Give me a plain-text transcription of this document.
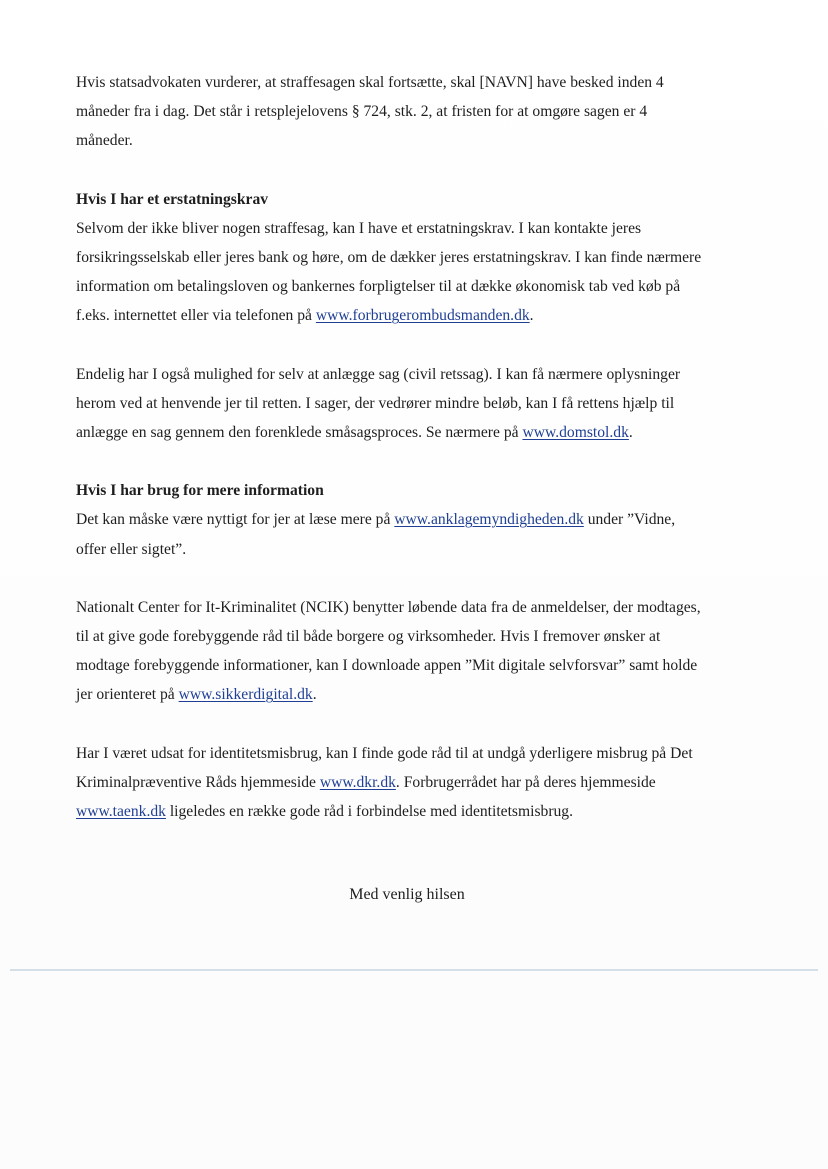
Hvis statsadvokaten vurderer, at straffesagen skal fortsætte, skal [NAVN] have besked inden 4
måneder fra i dag. Det står i retsplejelovens § 724, stk. 2, at fristen for at omgøre sagen er 4
måneder.

Hvis I har et erstatningskrav
Selvom der ikke bliver nogen straffesag, kan I have et erstatningskrav. I kan kontakte jeres
forsikringsselskab eller jeres bank og høre, om de dækker jeres erstatningskrav. I kan finde nærmere
information om betalingsloven og bankernes forpligtelser til at dække økonomisk tab ved køb på
f.eks. internettet eller via telefonen på www.forbrugerombudsmanden.dk.

Endelig har I også mulighed for selv at anlægge sag (civil retssag). I kan få nærmere oplysninger
herom ved at henvende jer til retten. I sager, der vedrører mindre beløb, kan I få rettens hjælp til
anlægge en sag gennem den forenklede småsagsproces. Se nærmere på www.domstol.dk.

Hvis I har brug for mere information
Det kan måske være nyttigt for jer at læse mere på www.anklagemyndigheden.dk under ”Vidne,
offer eller sigtet”.

Nationalt Center for It-Kriminalitet (NCIK) benytter løbende data fra de anmeldelser, der modtages,
til at give gode forebyggende råd til både borgere og virksomheder. Hvis I fremover ønsker at
modtage forebyggende informationer, kan I downloade appen ”Mit digitale selvforsvar” samt holde
jer orienteret på www.sikkerdigital.dk.

Har I været udsat for identitetsmisbrug, kan I finde gode råd til at undgå yderligere misbrug på Det
Kriminalpræventive Råds hjemmeside www.dkr.dk. Forbrugerrådet har på deres hjemmeside
www.taenk.dk ligeledes en række gode råd i forbindelse med identitetsmisbrug.

Med venlig hilsen
